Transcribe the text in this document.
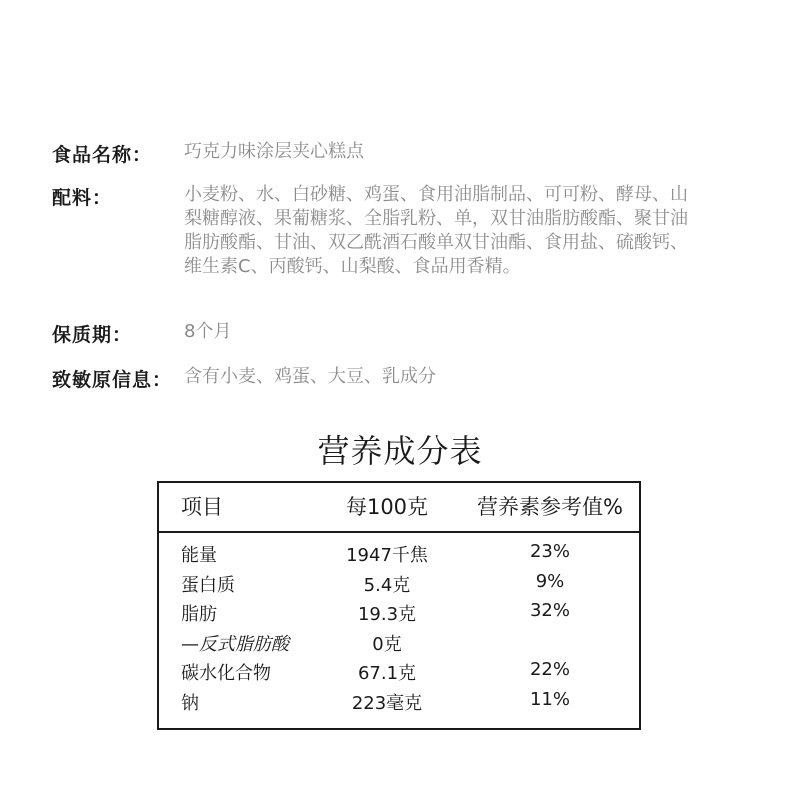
食品名称： 巧克力味涂层夹心糕点
配料：	小麦粉、水、白砂糖、鸡蛋、食用油脂制品、可可粉、酵母、山
梨糖醇液、果葡糖浆、全脂乳粉、单，双甘油脂肪酸酯、聚甘油
脂肪酸酯、甘油、双乙酰酒石酸单双甘油酯、食用盐、硫酸钙、
维生素C、丙酸钙、山梨酸、食品用香精。
保质期：	8个月
致敏原信息： 含有小麦、鸡蛋、大豆、乳成分
营养成分表
项目	每100克	营养素参考值%
能量	1947千焦	23%
蛋白质	5.4克	9%
脂肪	19.3克	32%
—反式脂肪酸	0克
碳水化合物	67.1克	22%
钠	223毫克	11%
